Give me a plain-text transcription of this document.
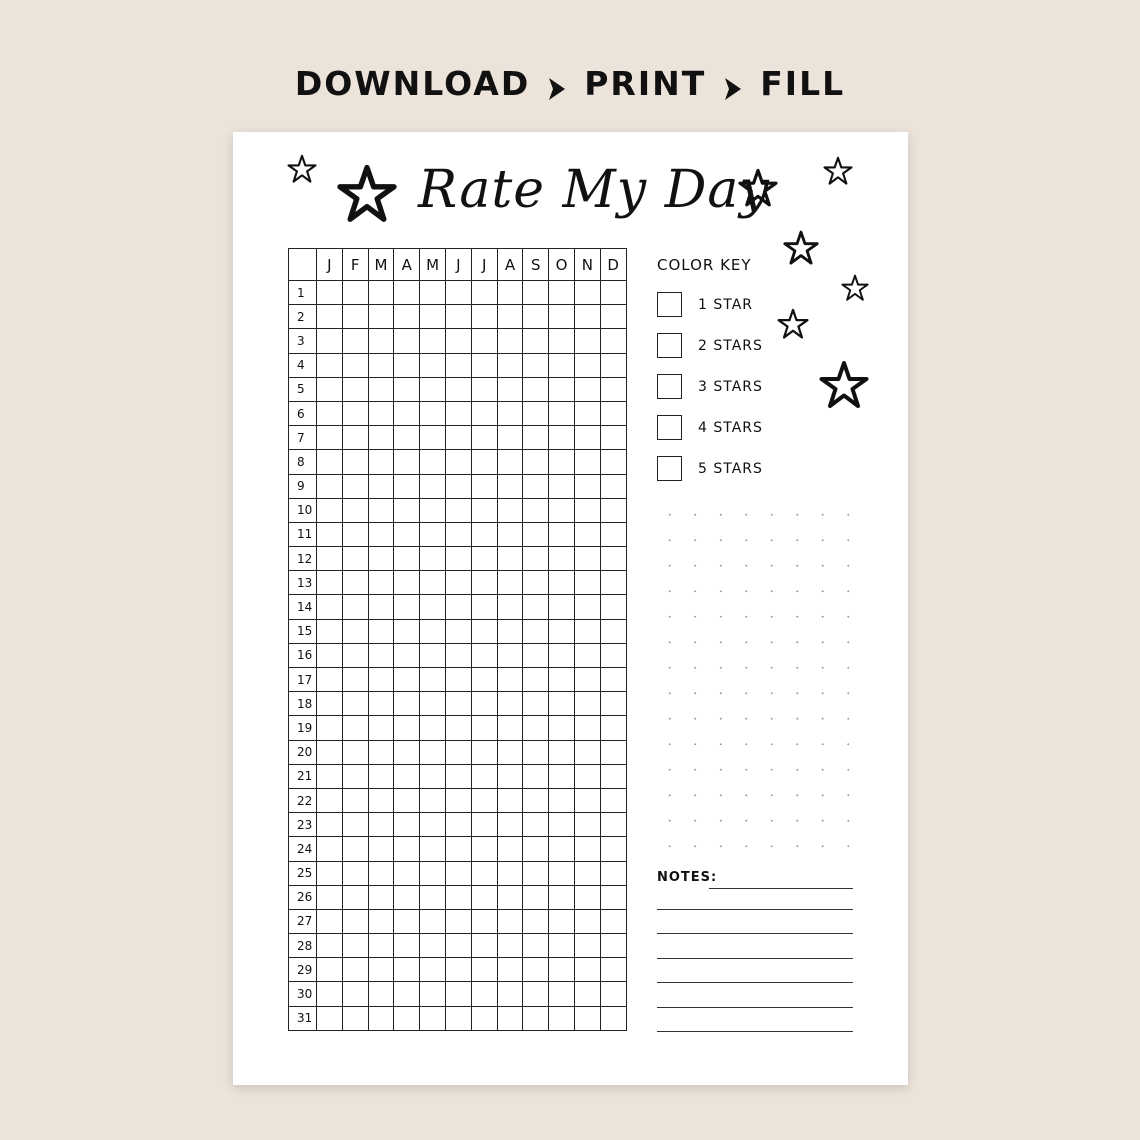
DOWNLOAD PRINT FILL
Rate My Day
	J	F	M	A	M	J	J	A	S	O	N	D
1												
2												
3												
4												
5												
6												
7												
8												
9												
10												
11												
12												
13												
14												
15												
16												
17												
18												
19												
20												
21												
22												
23												
24												
25												
26												
27												
28												
29												
30												
31												
COLOR KEY
1 STAR
2 STARS
3 STARS
4 STARS
5 STARS
NOTES:
